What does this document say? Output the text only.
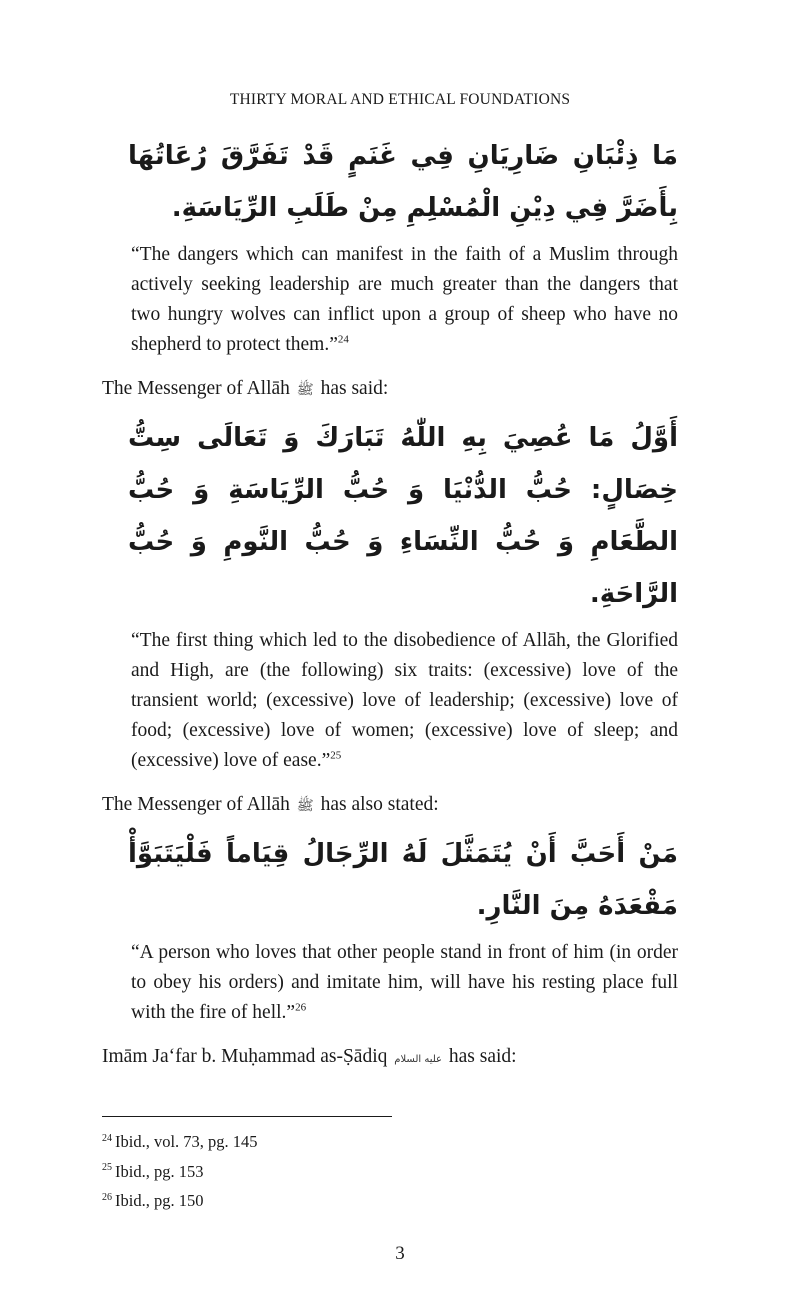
THIRTY MORAL AND ETHICAL FOUNDATIONS
مَا ذِئْبَانِ ضَارِيَانِ فِي غَنَمٍ قَدْ تَفَرَّقَ رُعَاتُهَا بِأَضَرَّ فِي دِيْنِ الْمُسْلِمِ مِنْ طَلَبِ الرِّيَاسَةِ.
“The dangers which can manifest in the faith of a Muslim through actively seeking leadership are much greater than the dangers that two hungry wolves can inflict upon a group of sheep who have no shepherd to protect them.”$^{24}$
The Messenger of Allāh ﷺ has said:
أَوَّلُ مَا عُصِيَ بِهِ اللّٰهُ تَبَارَكَ وَ تَعَالَى سِتُّ خِصَالٍ: حُبُّ الدُّنْيَا وَ حُبُّ الرِّيَاسَةِ وَ حُبُّ الطَّعَامِ وَ حُبُّ النِّسَاءِ وَ حُبُّ النَّومِ وَ حُبُّ الرَّاحَةِ.
“The first thing which led to the disobedience of Allāh, the Glorified and High, are (the following) six traits: (excessive) love of the transient world; (excessive) love of leadership; (excessive) love of food; (excessive) love of women; (excessive) love of sleep; and (excessive) love of ease.”$^{25}$
The Messenger of Allāh ﷺ has also stated:
مَنْ أَحَبَّ أَنْ يُتَمَثَّلَ لَهُ الرِّجَالُ قِيَاماً فَلْيَتَبَوَّأْ مَقْعَدَهُ مِنَ النَّارِ.
“A person who loves that other people stand in front of him (in order to obey his orders) and imitate him, will have his resting place full with the fire of hell.”$^{26}$
Imām Ja‘far b. Muḥammad as-Ṣādiq عليه السلام has said:
$^{24}$ Ibid., vol. 73, pg. 145
$^{25}$ Ibid., pg. 153
$^{26}$ Ibid., pg. 150
3
